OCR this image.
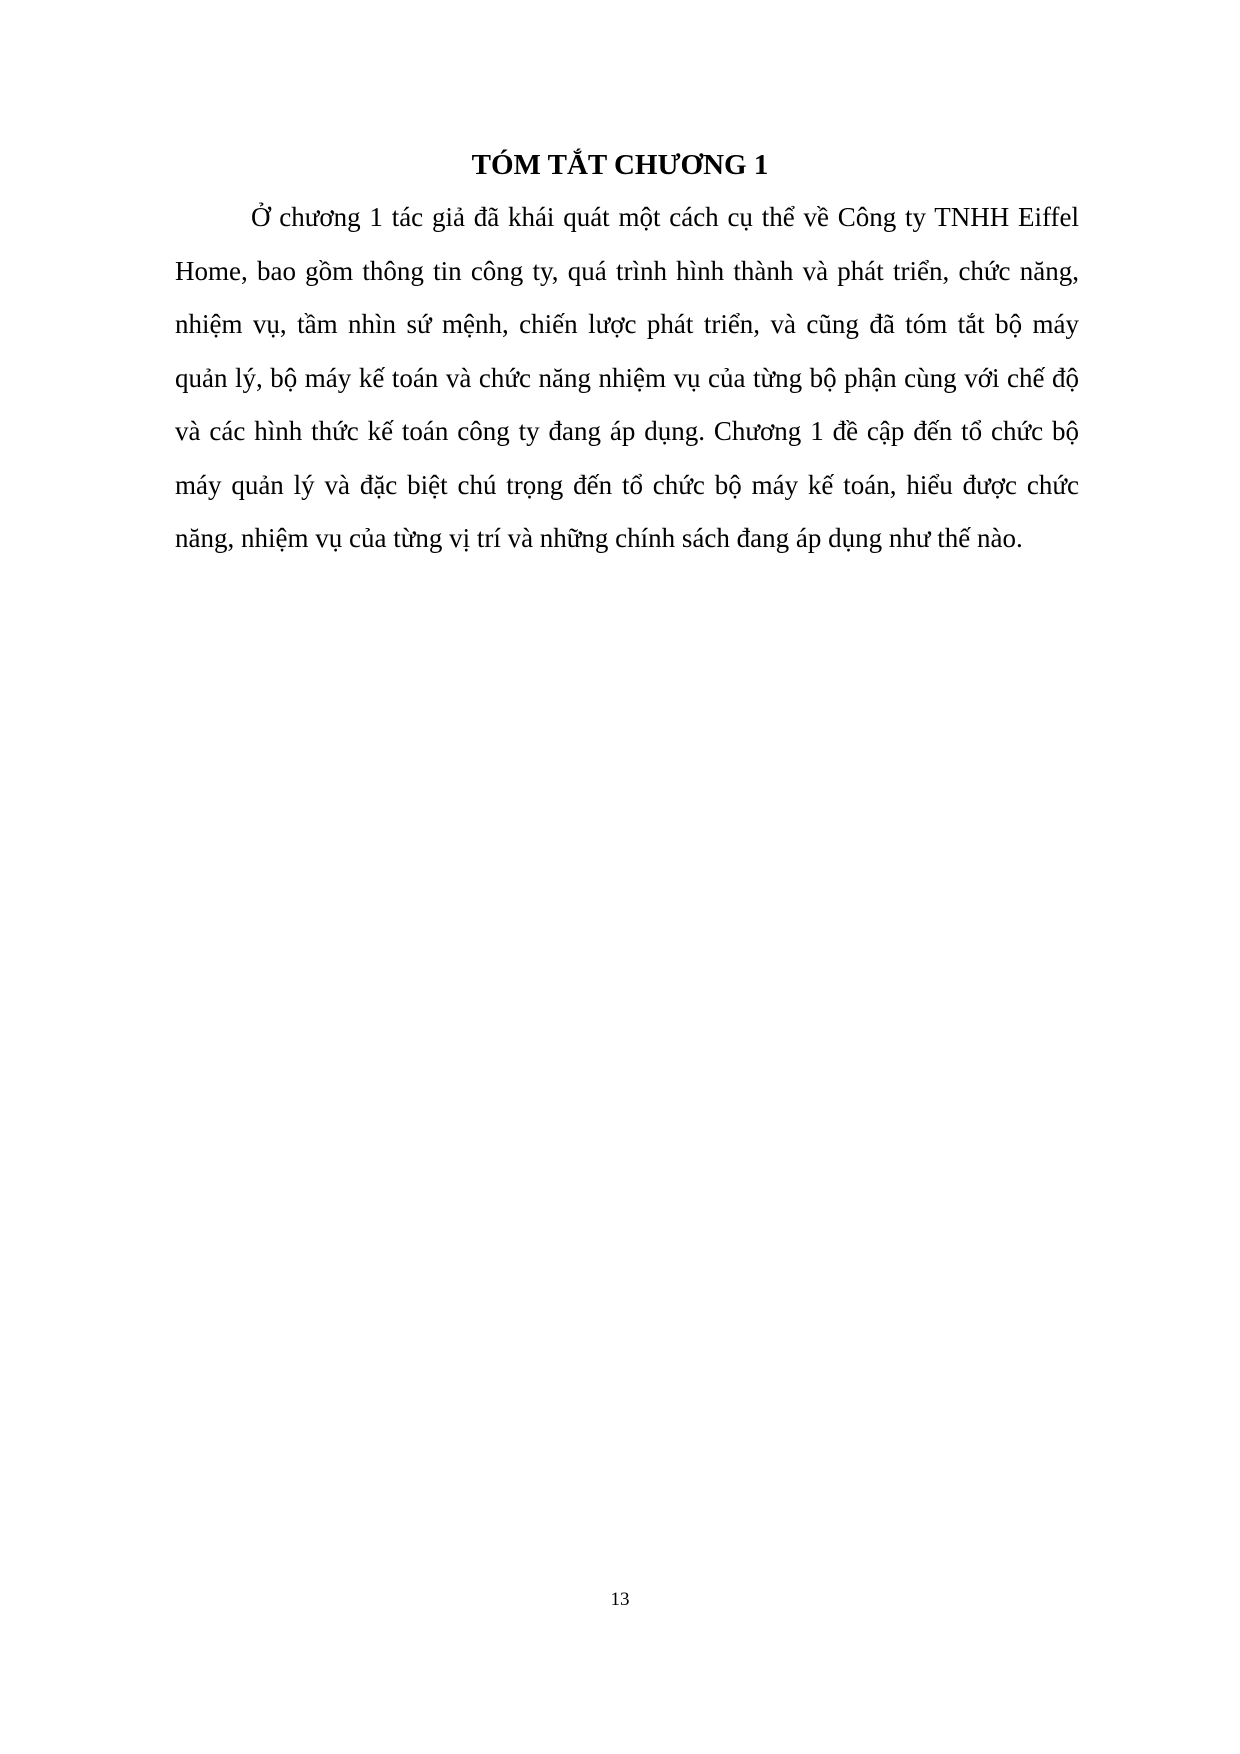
TÓM TẮT CHƯƠNG 1

Ở chương 1 tác giả đã khái quát một cách cụ thể về Công ty TNHH Eiffel Home, bao gồm thông tin công ty, quá trình hình thành và phát triển, chức năng, nhiệm vụ, tầm nhìn sứ mệnh, chiến lược phát triển, và cũng đã tóm tắt bộ máy quản lý, bộ máy kế toán và chức năng nhiệm vụ của từng bộ phận cùng với chế độ và các hình thức kế toán công ty đang áp dụng. Chương 1 đề cập đến tổ chức bộ máy quản lý và đặc biệt chú trọng đến tổ chức bộ máy kế toán, hiểu được chức năng, nhiệm vụ của từng vị trí và những chính sách đang áp dụng như thế nào.

13
